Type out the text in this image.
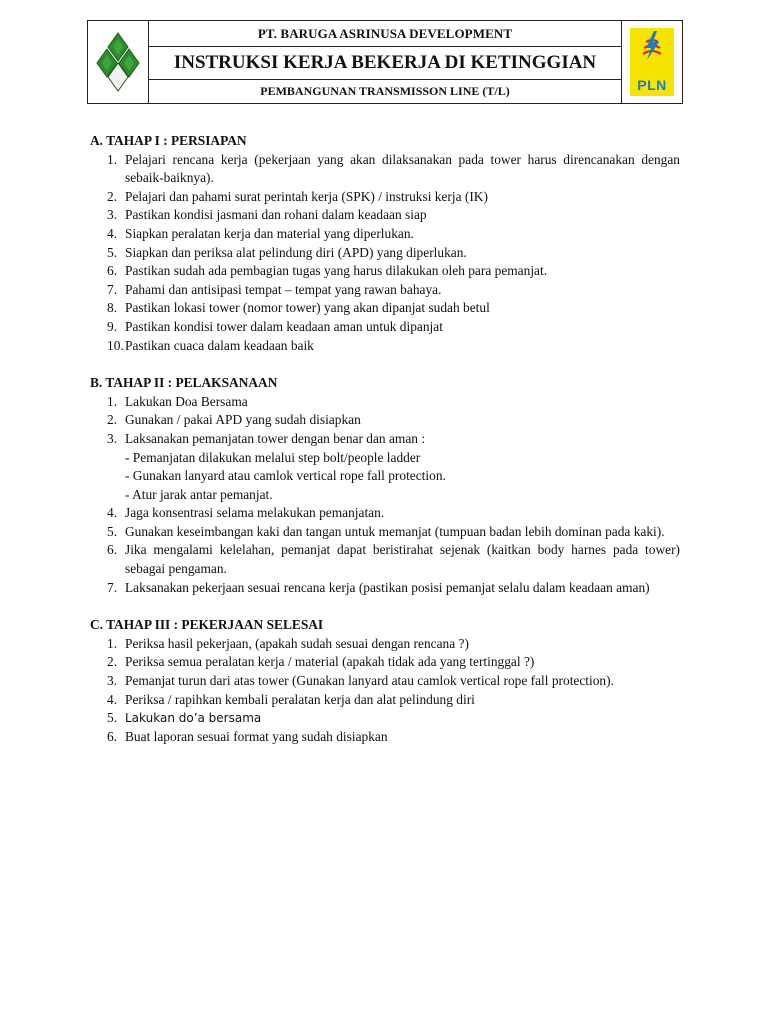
PT. BARUGA ASRINUSA DEVELOPMENT
INSTRUKSI KERJA BEKERJA DI KETINGGIAN
PEMBANGUNAN TRANSMISSON LINE (T/L)	PLN
A. TAHAP I : PERSIAPAN
1. Pelajari rencana kerja (pekerjaan yang akan dilaksanakan pada tower harus direncanakan dengan sebaik-baiknya).
2. Pelajari dan pahami surat perintah kerja (SPK) / instruksi kerja (IK)
3. Pastikan kondisi jasmani dan rohani dalam keadaan siap
4. Siapkan peralatan kerja dan material yang diperlukan.
5. Siapkan dan periksa alat pelindung diri (APD) yang diperlukan.
6. Pastikan sudah ada pembagian tugas yang harus dilakukan oleh para pemanjat.
7. Pahami dan antisipasi tempat – tempat yang rawan bahaya.
8. Pastikan lokasi tower (nomor tower) yang akan dipanjat sudah betul
9. Pastikan kondisi tower dalam keadaan aman untuk dipanjat
10. Pastikan cuaca dalam keadaan baik
B. TAHAP II : PELAKSANAAN
1. Lakukan Doa Bersama
2. Gunakan / pakai APD yang sudah disiapkan
3. Laksanakan pemanjatan tower dengan benar dan aman :
- Pemanjatan dilakukan melalui step bolt/people ladder
- Gunakan lanyard atau camlok vertical rope fall protection.
- Atur jarak antar pemanjat.
4. Jaga konsentrasi selama melakukan pemanjatan.
5. Gunakan keseimbangan kaki dan tangan untuk memanjat (tumpuan badan lebih dominan pada kaki).
6. Jika mengalami kelelahan, pemanjat dapat beristirahat sejenak (kaitkan body harnes pada tower) sebagai pengaman.
7. Laksanakan pekerjaan sesuai rencana kerja (pastikan posisi pemanjat selalu dalam keadaan aman)
C. TAHAP III : PEKERJAAN SELESAI
1. Periksa hasil pekerjaan, (apakah sudah sesuai dengan rencana ?)
2. Periksa semua peralatan kerja / material (apakah tidak ada yang tertinggal ?)
3. Pemanjat turun dari atas tower (Gunakan lanyard atau camlok vertical rope fall protection).
4. Periksa / rapihkan kembali peralatan kerja dan alat pelindung diri
5. Lakukan do’a bersama
6. Buat laporan sesuai format yang sudah disiapkan
